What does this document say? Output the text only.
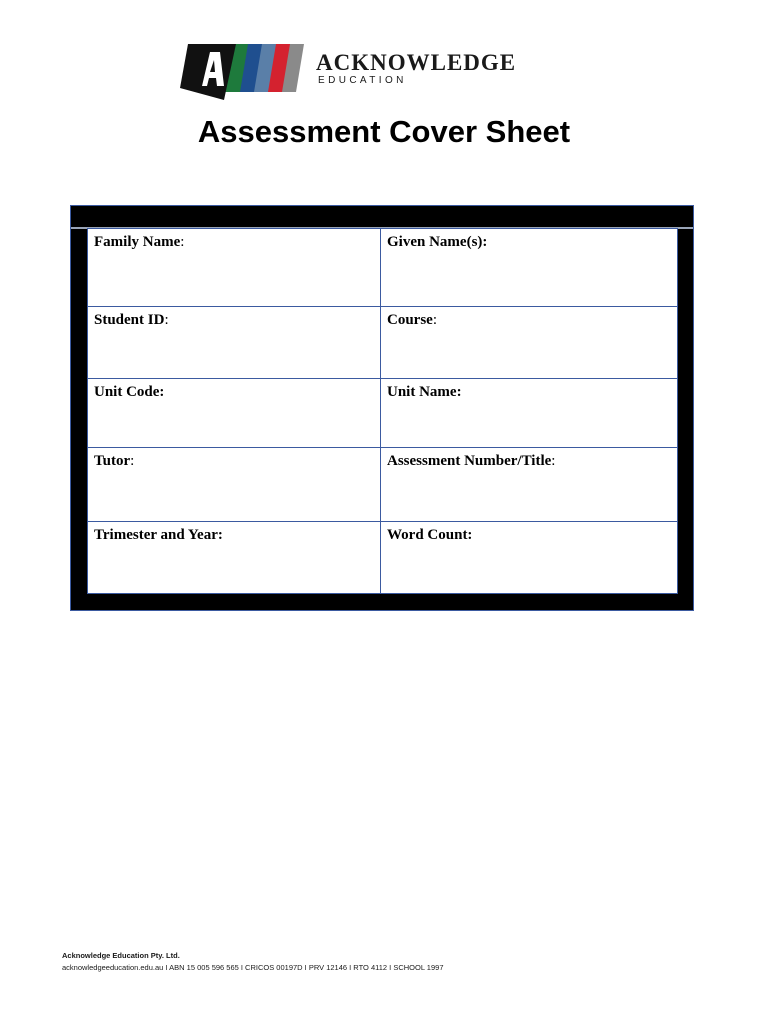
ACKNOWLEDGE
EDUCATION
Assessment Cover Sheet
Family Name:	Given Name(s):

Student ID:	Course:

Unit Code:	Unit Name:

Tutor:	Assessment Number/Title:

Trimester and Year:	Word Count:
Acknowledge Education Pty. Ltd.
acknowledgeeducation.edu.au I ABN 15 005 596 565 I CRICOS 00197D I PRV 12146 I RTO 4112 I SCHOOL 1997
